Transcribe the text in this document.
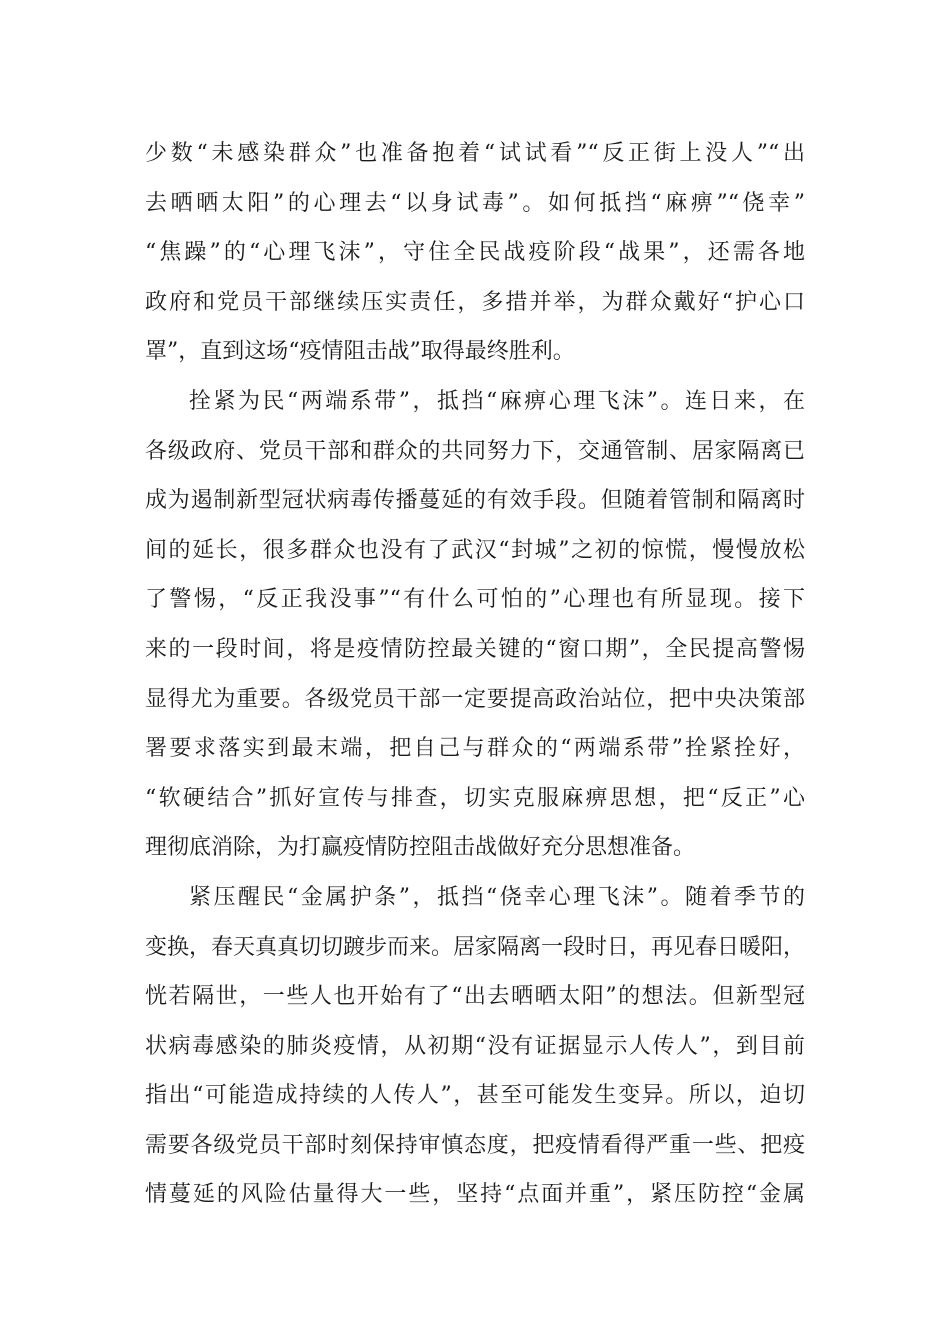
少数“未感染群众”也准备抱着“试试看”“反正街上没人”“出
去晒晒太阳”的心理去“以身试毒”。如何抵挡“麻痹”“侥幸”
“焦躁”的“心理飞沫”，守住全民战疫阶段“战果”，还需各地
政府和党员干部继续压实责任，多措并举，为群众戴好“护心口
罩”，直到这场“疫情阻击战”取得最终胜利。
拴紧为民“两端系带”，抵挡“麻痹心理飞沫”。连日来，在
各级政府、党员干部和群众的共同努力下，交通管制、居家隔离已
成为遏制新型冠状病毒传播蔓延的有效手段。但随着管制和隔离时
间的延长，很多群众也没有了武汉“封城”之初的惊慌，慢慢放松
了警惕，“反正我没事”“有什么可怕的”心理也有所显现。接下
来的一段时间，将是疫情防控最关键的“窗口期”，全民提高警惕
显得尤为重要。各级党员干部一定要提高政治站位，把中央决策部
署要求落实到最末端，把自己与群众的“两端系带”拴紧拴好，
“软硬结合”抓好宣传与排查，切实克服麻痹思想，把“反正”心
理彻底消除，为打赢疫情防控阻击战做好充分思想准备。
紧压醒民“金属护条”，抵挡“侥幸心理飞沫”。随着季节的
变换，春天真真切切踱步而来。居家隔离一段时日，再见春日暖阳，
恍若隔世，一些人也开始有了“出去晒晒太阳”的想法。但新型冠
状病毒感染的肺炎疫情，从初期“没有证据显示人传人”，到目前
指出“可能造成持续的人传人”，甚至可能发生变异。所以，迫切
需要各级党员干部时刻保持审慎态度，把疫情看得严重一些、把疫
情蔓延的风险估量得大一些，坚持“点面并重”，紧压防控“金属
